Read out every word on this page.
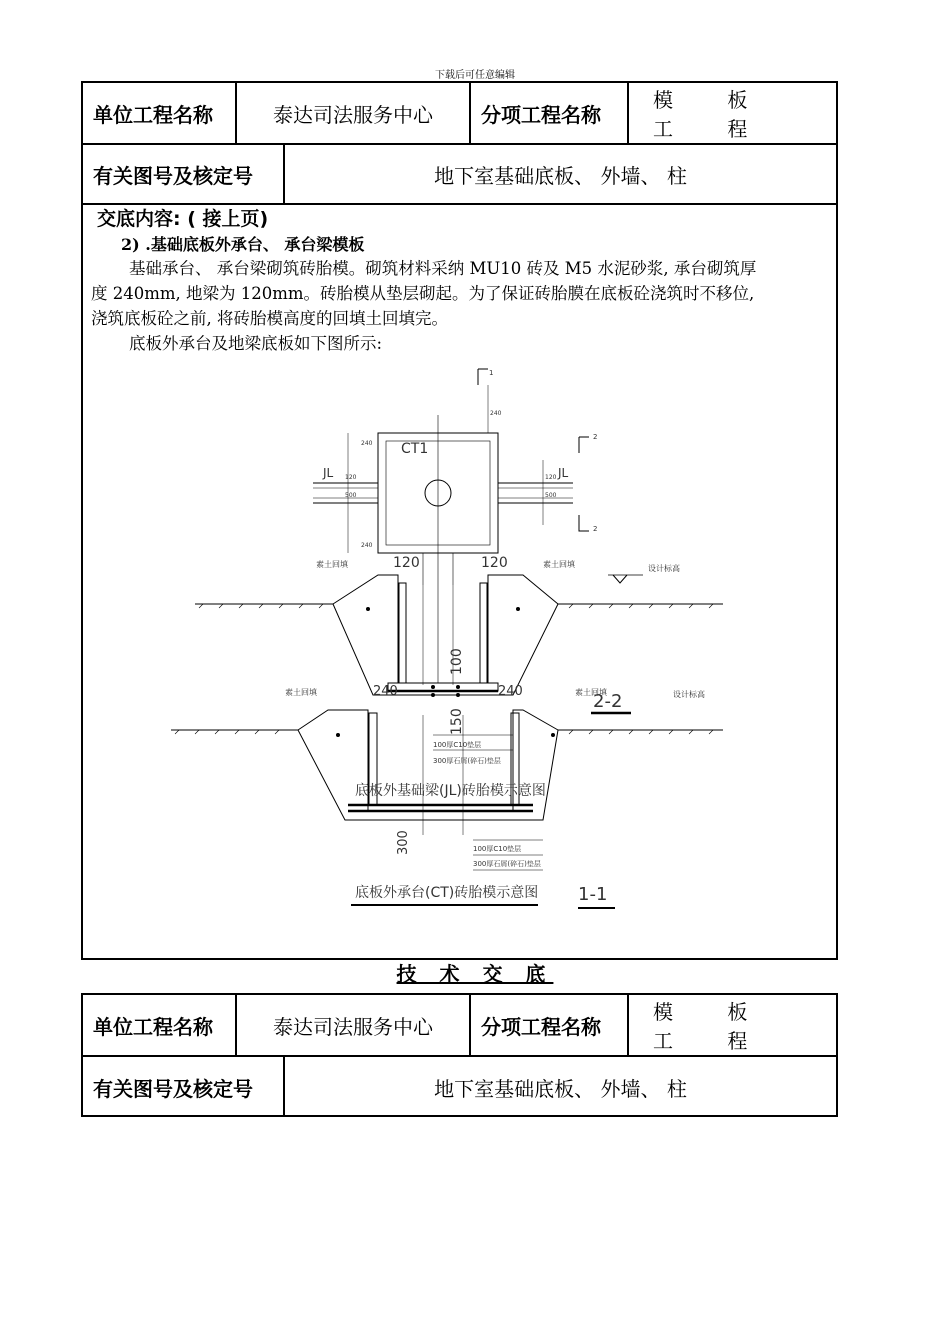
下载后可任意编辑
单位工程名称	泰达司法服务中心	分项工程名称
模 板 工 程
有关图号及核定号	地下室基础底板、 外墙、 柱
交底内容: ( 接上页)
2) .基础底板外承台、 承台梁模板
基础承台、 承台梁砌筑砖胎模。砌筑材料采纳 MU10 砖及 M5 水泥砂浆, 承台砌筑厚
度 240mm, 地梁为 120mm。砖胎模从垫层砌起。为了保证砖胎膜在底板砼浇筑时不移位,
浇筑底板砼之前, 将砖胎模高度的回填土回填完。
底板外承台及地梁底板如下图所示:
CT1
JL	JL
240
240
240
120
500
120
500
1
2
2
120	120
素土回填	素土回填	设计标高
100
150
240	240
素土回填	素土回填
2-2	设计标高
100厚C10垫层
300厚石屑(碎石)垫层
底板外基础梁(JL)砖胎模示意图
300	100厚C10垫层
300厚石屑(碎石)垫层
底板外承台(CT)砖胎模示意图 1-1
技 术 交 底
单位工程名称	泰达司法服务中心	分项工程名称
模 板 工 程
有关图号及核定号	地下室基础底板、 外墙、 柱
